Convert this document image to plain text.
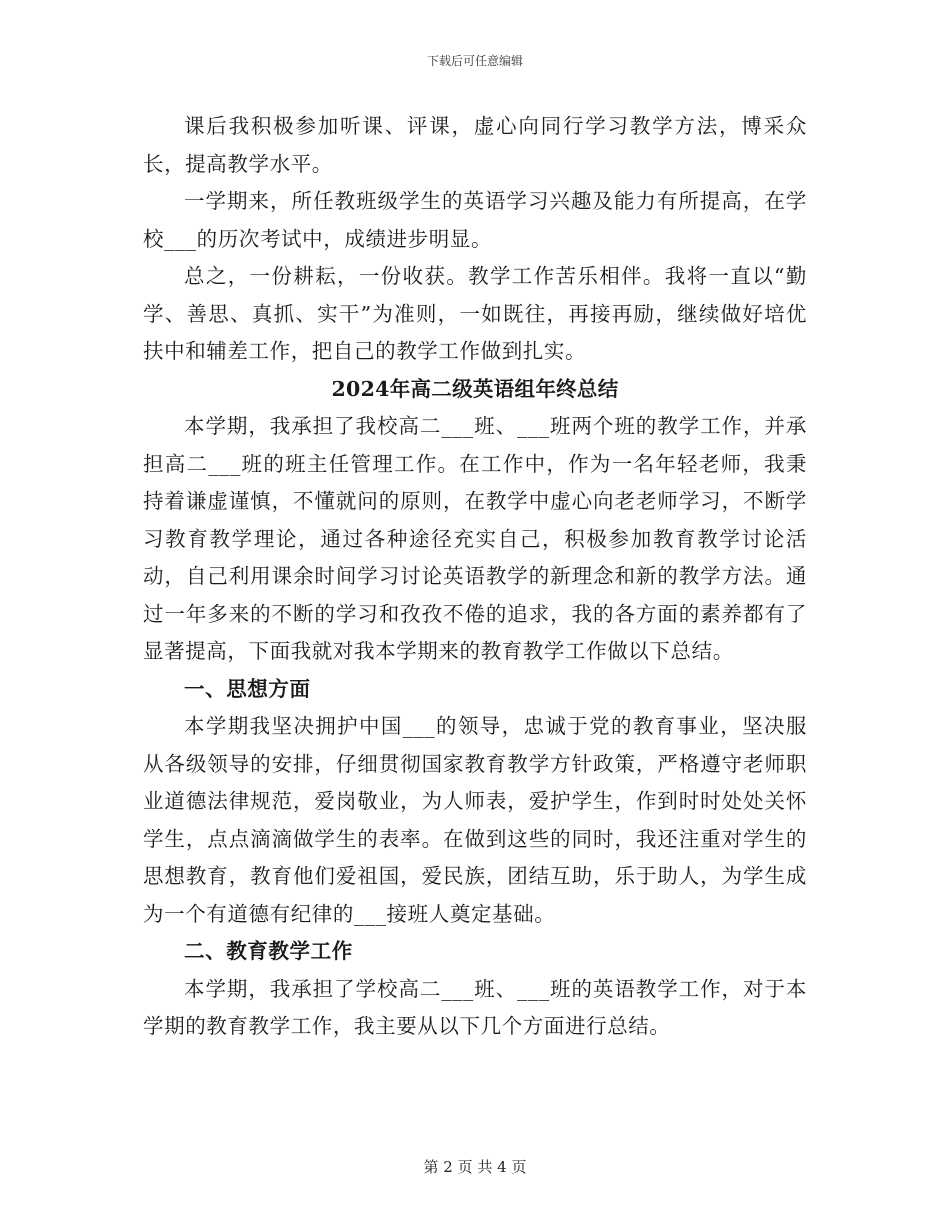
下载后可任意编辑

课后我积极参加听课、评课，虚心向同行学习教学方法，博采众长，提高教学水平。

一学期来，所任教班级学生的英语学习兴趣及能力有所提高，在学校___的历次考试中，成绩进步明显。

总之，一份耕耘，一份收获。教学工作苦乐相伴。我将一直以“勤学、善思、真抓、实干”为准则，一如既往，再接再励，继续做好培优扶中和辅差工作，把自己的教学工作做到扎实。

2024年高二级英语组年终总结

本学期，我承担了我校高二___班、___班两个班的教学工作，并承担高二___班的班主任管理工作。在工作中，作为一名年轻老师，我秉持着谦虚谨慎，不懂就问的原则，在教学中虚心向老老师学习，不断学习教育教学理论，通过各种途径充实自己，积极参加教育教学讨论活动，自己利用课余时间学习讨论英语教学的新理念和新的教学方法。通过一年多来的不断的学习和孜孜不倦的追求，我的各方面的素养都有了显著提高，下面我就对我本学期来的教育教学工作做以下总结。

一、思想方面

本学期我坚决拥护中国___的领导，忠诚于党的教育事业，坚决服从各级领导的安排，仔细贯彻国家教育教学方针政策，严格遵守老师职业道德法律规范，爱岗敬业，为人师表，爱护学生，作到时时处处关怀学生，点点滴滴做学生的表率。在做到这些的同时，我还注重对学生的思想教育，教育他们爱祖国，爱民族，团结互助，乐于助人，为学生成为一个有道德有纪律的___接班人奠定基础。

二、教育教学工作

本学期，我承担了学校高二___班、___班的英语教学工作，对于本学期的教育教学工作，我主要从以下几个方面进行总结。

第 2 页 共 4 页
